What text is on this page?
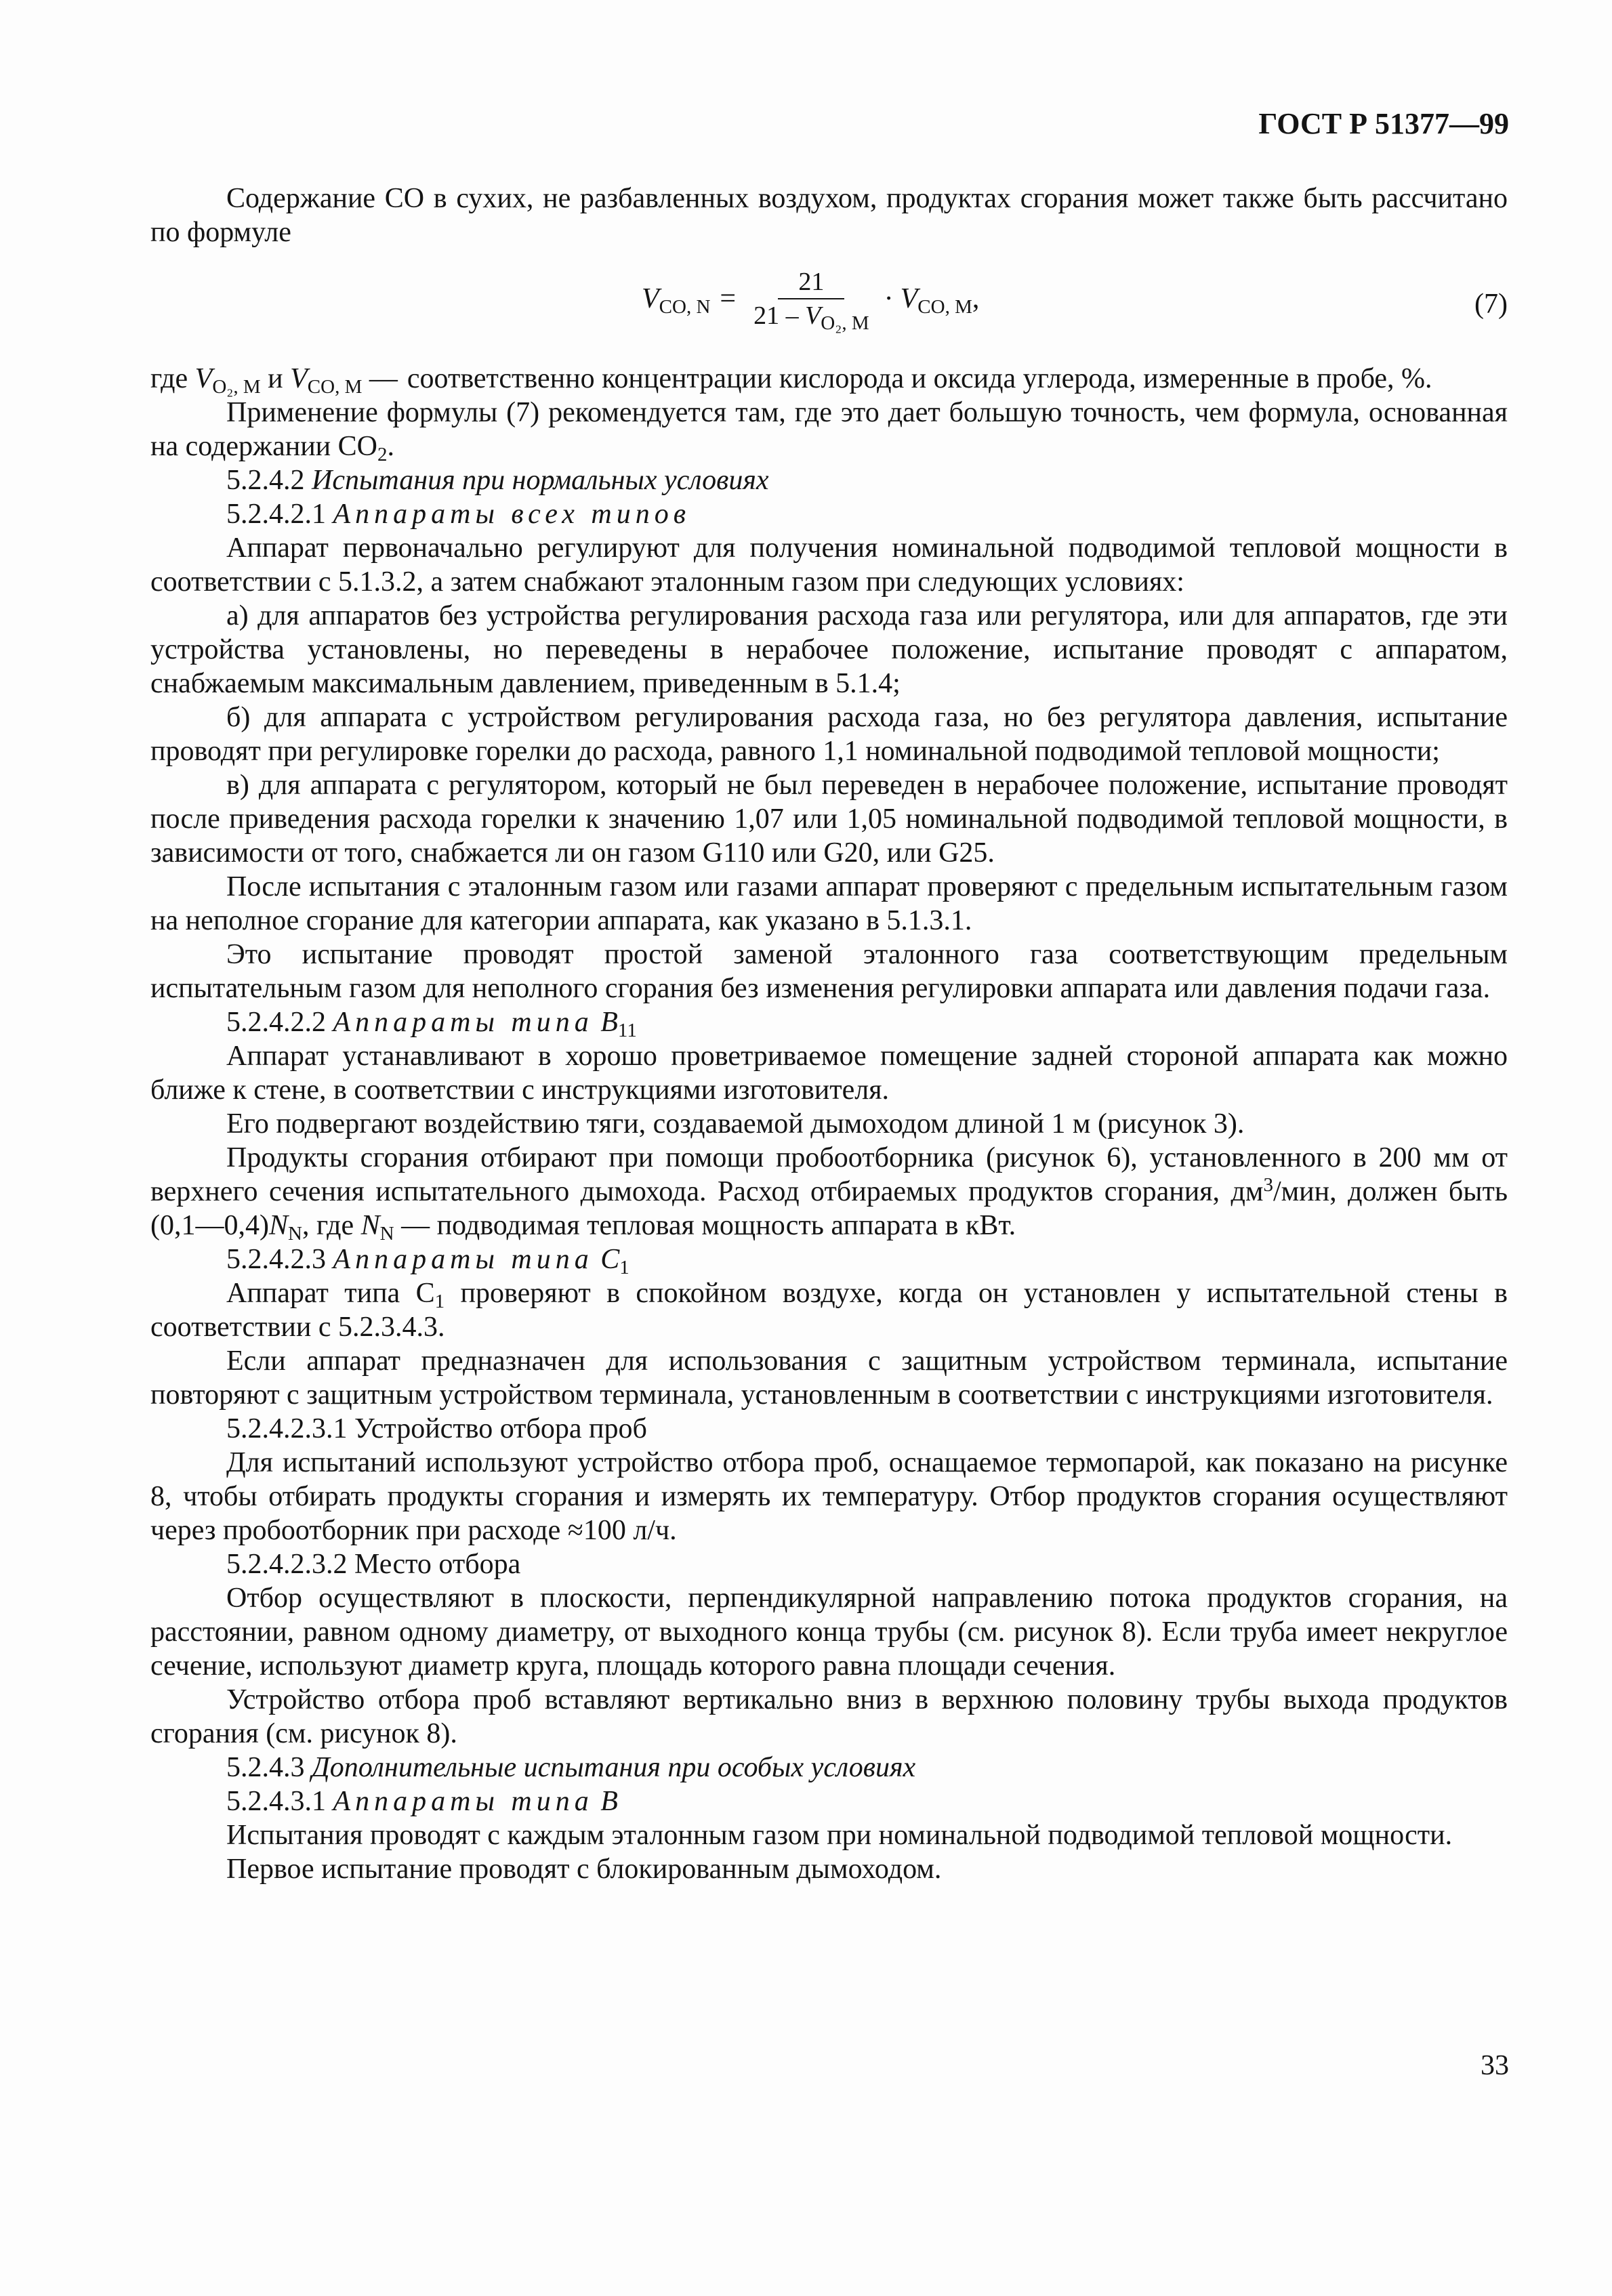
ГОСТ Р 51377—99

Содержание СО в сухих, не разбавленных воздухом, продуктах сгорания может также быть рассчитано по формуле

$V_{CO, N} = \frac{21}{21 - V_{O_2, M}} \cdot V_{CO, M}$ ,	(7)
где $V_{O_2, M}$ и $V_{CO, M}$ — соответственно концентрации кислорода и оксида углерода, измеренные в пробе, %.

Применение формулы (7) рекомендуется там, где это дает большую точность, чем формула, основанная на содержании $CO_2$.

5.2.4.2 Испытания при нормальных условиях

5.2.4.2.1 Аппараты всех типов

Аппарат первоначально регулируют для получения номинальной подводимой тепловой мощности в соответствии с 5.1.3.2, а затем снабжают эталонным газом при следующих условиях:

а) для аппаратов без устройства регулирования расхода газа или регулятора, или для аппаратов, где эти устройства установлены, но переведены в нерабочее положение, испытание проводят с аппаратом, снабжаемым максимальным давлением, приведенным в 5.1.4;

б) для аппарата с устройством регулирования расхода газа, но без регулятора давления, испытание проводят при регулировке горелки до расхода, равного 1,1 номинальной подводимой тепловой мощности;

в) для аппарата с регулятором, который не был переведен в нерабочее положение, испытание проводят после приведения расхода горелки к значению 1,07 или 1,05 номинальной подводимой тепловой мощности, в зависимости от того, снабжается ли он газом G110 или G20, или G25.

После испытания с эталонным газом или газами аппарат проверяют с предельным испытательным газом на неполное сгорание для категории аппарата, как указано в 5.1.3.1.

Это испытание проводят простой заменой эталонного газа соответствующим предельным испытательным газом для неполного сгорания без изменения регулировки аппарата или давления подачи газа.

5.2.4.2.2 Аппараты типа $B_{11}$

Аппарат устанавливают в хорошо проветриваемое помещение задней стороной аппарата как можно ближе к стене, в соответствии с инструкциями изготовителя.

Его подвергают воздействию тяги, создаваемой дымоходом длиной 1 м (рисунок 3).

Продукты сгорания отбирают при помощи пробоотборника (рисунок 6), установленного в 200 мм от верхнего сечения испытательного дымохода. Расход отбираемых продуктов сгорания, $дм^3$/мин, должен быть $(0,1—0,4)N_N$, где $N_N$ — подводимая тепловая мощность аппарата в кВт.

5.2.4.2.3 Аппараты типа $C_1$

Аппарат типа $С_1$ проверяют в спокойном воздухе, когда он установлен у испытательной стены в соответствии с 5.2.3.4.3.

Если аппарат предназначен для использования с защитным устройством терминала, испытание повторяют с защитным устройством терминала, установленным в соответствии с инструкциями изготовителя.

5.2.4.2.3.1 Устройство отбора проб

Для испытаний используют устройство отбора проб, оснащаемое термопарой, как показано на рисунке 8, чтобы отбирать продукты сгорания и измерять их температуру. Отбор продуктов сгорания осуществляют через пробоотборник при расходе ≈100 л/ч.

5.2.4.2.3.2 Место отбора

Отбор осуществляют в плоскости, перпендикулярной направлению потока продуктов сгорания, на расстоянии, равном одному диаметру, от выходного конца трубы (см. рисунок 8). Если труба имеет некруглое сечение, используют диаметр круга, площадь которого равна площади сечения.

Устройство отбора проб вставляют вертикально вниз в верхнюю половину трубы выхода продуктов сгорания (см. рисунок 8).

5.2.4.3 Дополнительные испытания при особых условиях

5.2.4.3.1 Аппараты типа B

Испытания проводят с каждым эталонным газом при номинальной подводимой тепловой мощности.

Первое испытание проводят с блокированным дымоходом.

33
